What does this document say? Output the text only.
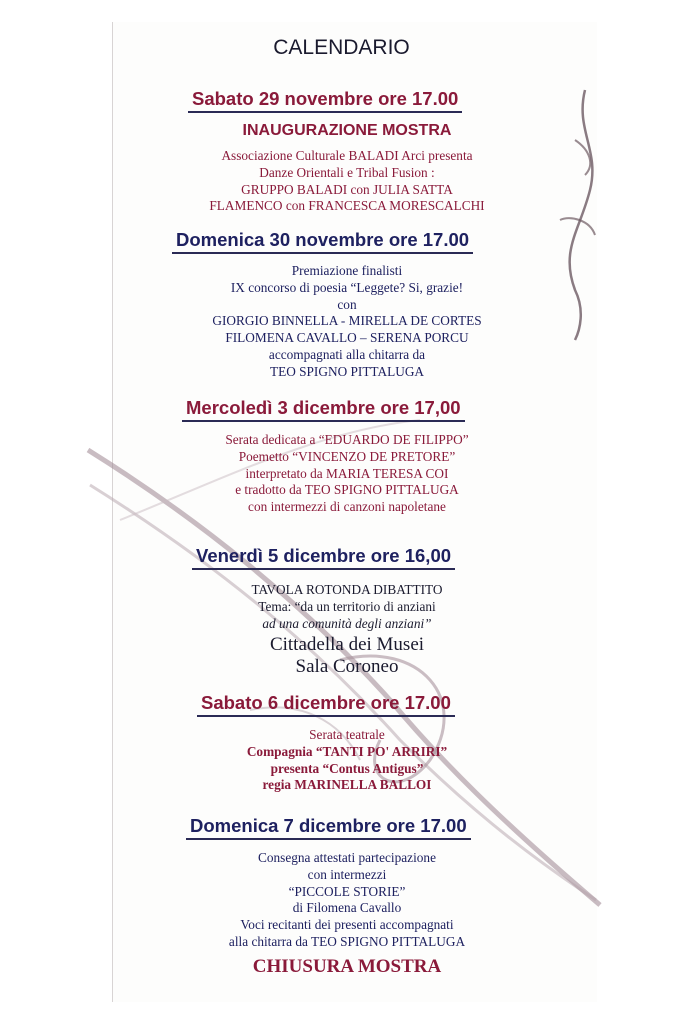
CALENDARIO
Sabato 29 novembre ore 17.00
INAUGURAZIONE MOSTRA
Associazione Culturale BALADI Arci presenta
Danze Orientali e Tribal Fusion :
GRUPPO BALADI con JULIA SATTA
FLAMENCO con FRANCESCA MORESCALCHI
Domenica 30 novembre ore 17.00
Premiazione finalisti
IX concorso di poesia “Leggete? Si, grazie!
con
GIORGIO BINNELLA - MIRELLA DE CORTES
FILOMENA CAVALLO – SERENA PORCU
accompagnati alla chitarra da
TEO SPIGNO PITTALUGA
Mercoledì 3 dicembre ore 17,00
Serata dedicata a “EDUARDO DE FILIPPO”
Poemetto “VINCENZO DE PRETORE”
interpretato da MARIA TERESA COI
e tradotto da TEO SPIGNO PITTALUGA
con intermezzi di canzoni napoletane
Venerdì 5 dicembre ore 16,00
TAVOLA ROTONDA DIBATTITO
Tema: “da un territorio di anziani
ad una comunità degli anziani”
Cittadella dei Musei
Sala Coroneo
Sabato 6 dicembre ore 17.00
Serata teatrale
Compagnia “TANTI PO' ARRIRI”
presenta “Contus Antigus”
regia MARINELLA BALLOI
Domenica 7 dicembre ore 17.00
Consegna attestati partecipazione
con intermezzi
“PICCOLE STORIE”
di Filomena Cavallo
Voci recitanti dei presenti accompagnati
alla chitarra da TEO SPIGNO PITTALUGA
CHIUSURA MOSTRA
